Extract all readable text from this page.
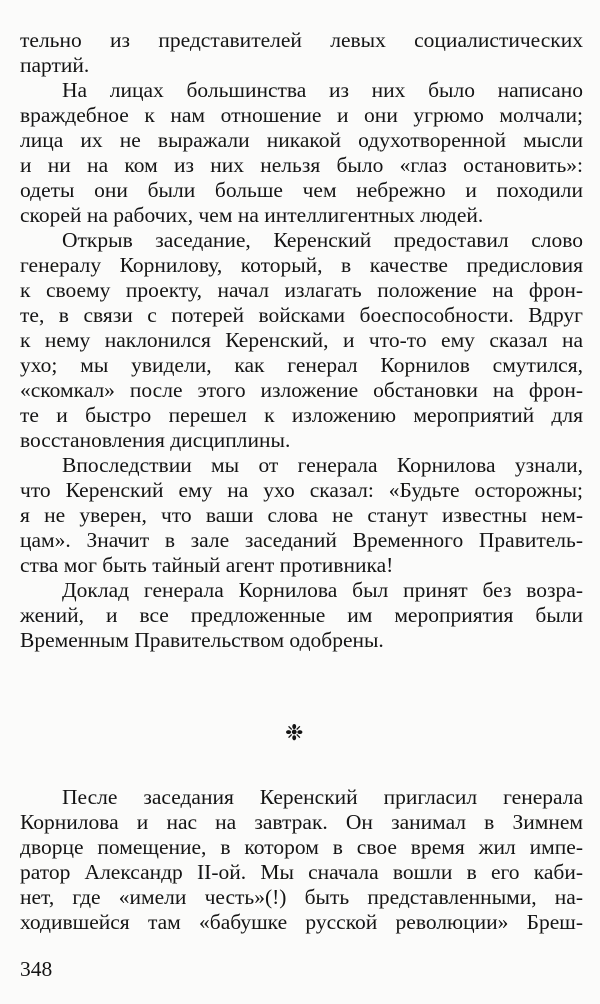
тельно из представителей левых социалистических
партий.
На лицах большинства из них было написано
враждебное к нам отношение и они угрюмо молчали;
лица их не выражали никакой одухотворенной мысли
и ни на ком из них нельзя было «глаз остановить»:
одеты они были больше чем небрежно и походили
скорей на рабочих, чем на интеллигентных людей.
Открыв заседание, Керенский предоставил слово
генералу Корнилову, который, в качестве предисловия
к своему проекту, начал излагать положение на фрон-
те, в связи с потерей войсками боеспособности. Вдруг
к нему наклонился Керенский, и что-то ему сказал на
ухо; мы увидели, как генерал Корнилов смутился,
«скомкал» после этого изложение обстановки на фрон-
те и быстро перешел к изложению мероприятий для
восстановления дисциплины.
Впоследствии мы от генерала Корнилова узнали,
что Керенский ему на ухо сказал: «Будьте осторожны;
я не уверен, что ваши слова не станут известны нем-
цам». Значит в зале заседаний Временного Правитель-
ства мог быть тайный агент противника!
Доклад генерала Корнилова был принят без возра-
жений, и все предложенные им мероприятия были
Временным Правительством одобрены.
❉
Песле заседания Керенский пригласил генерала
Корнилова и нас на завтрак. Он занимал в Зимнем
дворце помещение, в котором в свое время жил импе-
ратор Александр II-ой. Мы сначала вошли в его каби-
нет, где «имели честь»(!) быть представленными, на-
ходившейся там «бабушке русской революции» Бреш-
348
